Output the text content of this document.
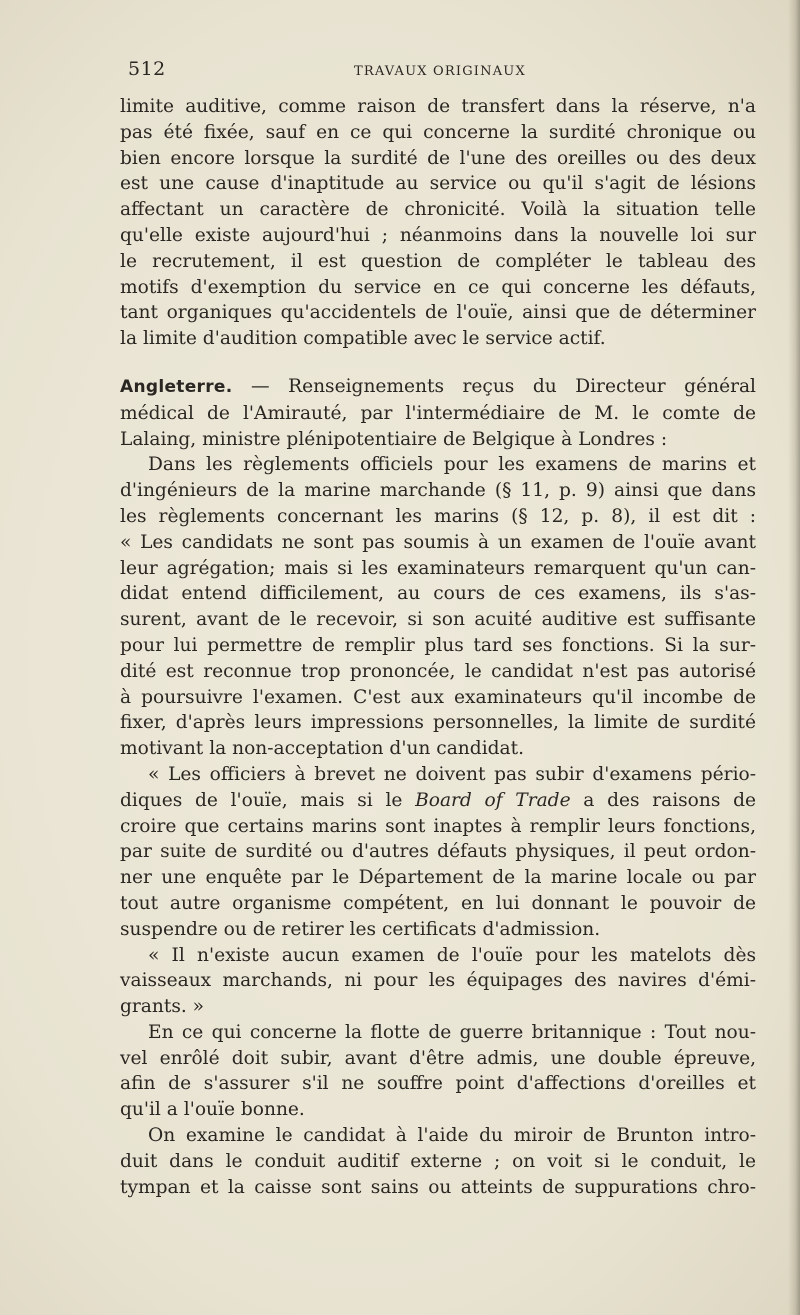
512	TRAVAUX ORIGINAUX

limite auditive, comme raison de transfert dans la réserve, n'a
pas été fixée, sauf en ce qui concerne la surdité chronique ou
bien encore lorsque la surdité de l'une des oreilles ou des deux
est une cause d'inaptitude au service ou qu'il s'agit de lésions
affectant un caractère de chronicité. Voilà la situation telle
qu'elle existe aujourd'hui ; néanmoins dans la nouvelle loi sur
le recrutement, il est question de compléter le tableau des
motifs d'exemption du service en ce qui concerne les défauts,
tant organiques qu'accidentels de l'ouïe, ainsi que de déterminer
la limite d'audition compatible avec le service actif.

Angleterre. — Renseignements reçus du Directeur général
médical de l'Amirauté, par l'intermédiaire de M. le comte de
Lalaing, ministre plénipotentiaire de Belgique à Londres :

Dans les règlements officiels pour les examens de marins et
d'ingénieurs de la marine marchande (§ 11, p. 9) ainsi que dans
les règlements concernant les marins (§ 12, p. 8), il est dit :
« Les candidats ne sont pas soumis à un examen de l'ouïe avant
leur agrégation; mais si les examinateurs remarquent qu'un can-
didat entend difficilement, au cours de ces examens, ils s'as-
surent, avant de le recevoir, si son acuité auditive est suffisante
pour lui permettre de remplir plus tard ses fonctions. Si la sur-
dité est reconnue trop prononcée, le candidat n'est pas autorisé
à poursuivre l'examen. C'est aux examinateurs qu'il incombe de
fixer, d'après leurs impressions personnelles, la limite de surdité
motivant la non-acceptation d'un candidat.

« Les officiers à brevet ne doivent pas subir d'examens pério-
diques de l'ouïe, mais si le Board of Trade a des raisons de
croire que certains marins sont inaptes à remplir leurs fonctions,
par suite de surdité ou d'autres défauts physiques, il peut ordon-
ner une enquête par le Département de la marine locale ou par
tout autre organisme compétent, en lui donnant le pouvoir de
suspendre ou de retirer les certificats d'admission.

« Il n'existe aucun examen de l'ouïe pour les matelots dès
vaisseaux marchands, ni pour les équipages des navires d'émi-
grants. »

En ce qui concerne la flotte de guerre britannique : Tout nou-
vel enrôlé doit subir, avant d'être admis, une double épreuve,
afin de s'assurer s'il ne souffre point d'affections d'oreilles et
qu'il a l'ouïe bonne.

On examine le candidat à l'aide du miroir de Brunton intro-
duit dans le conduit auditif externe ; on voit si le conduit, le
tympan et la caisse sont sains ou atteints de suppurations chro-
